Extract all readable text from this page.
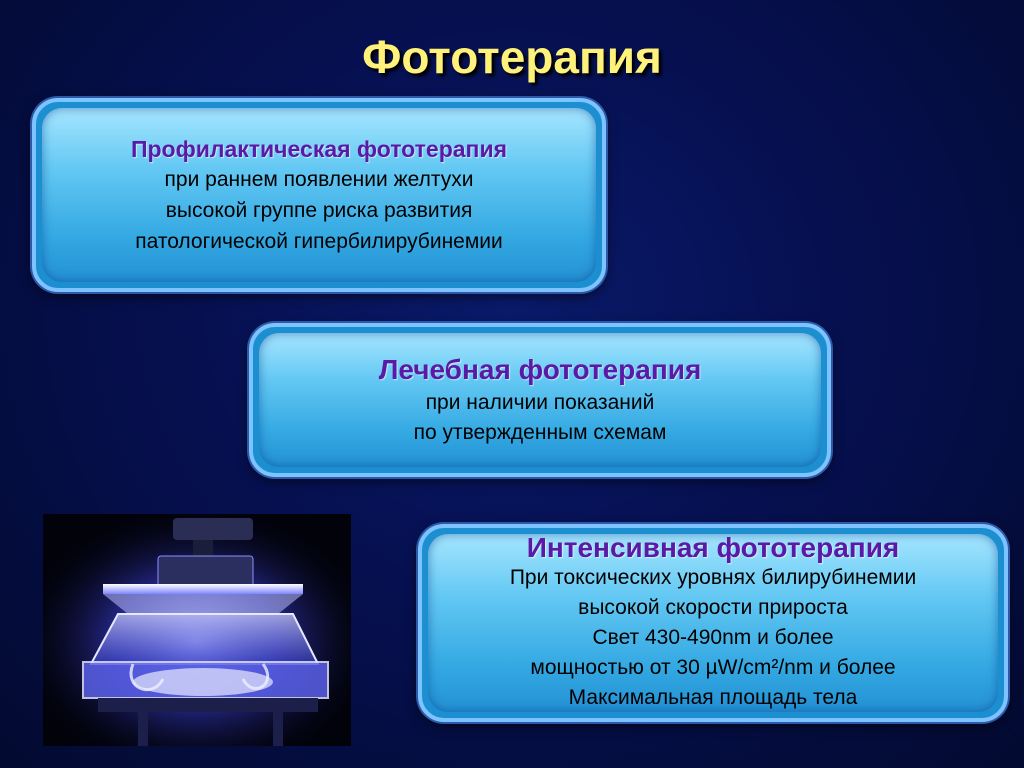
Фототерапия

Профилактическая фототерапия

при раннем появлении желтухи

высокой группе риска развития

патологической гипербилирубинемии

Лечебная фототерапия

при наличии показаний

по утвержденным схемам

Интенсивная фототерапия

При токсических уровнях билирубинемии

высокой скорости прироста

Свет 430-490nm и более

мощностью от 30 µW/cm²/nm и более

Максимальная площадь тела
